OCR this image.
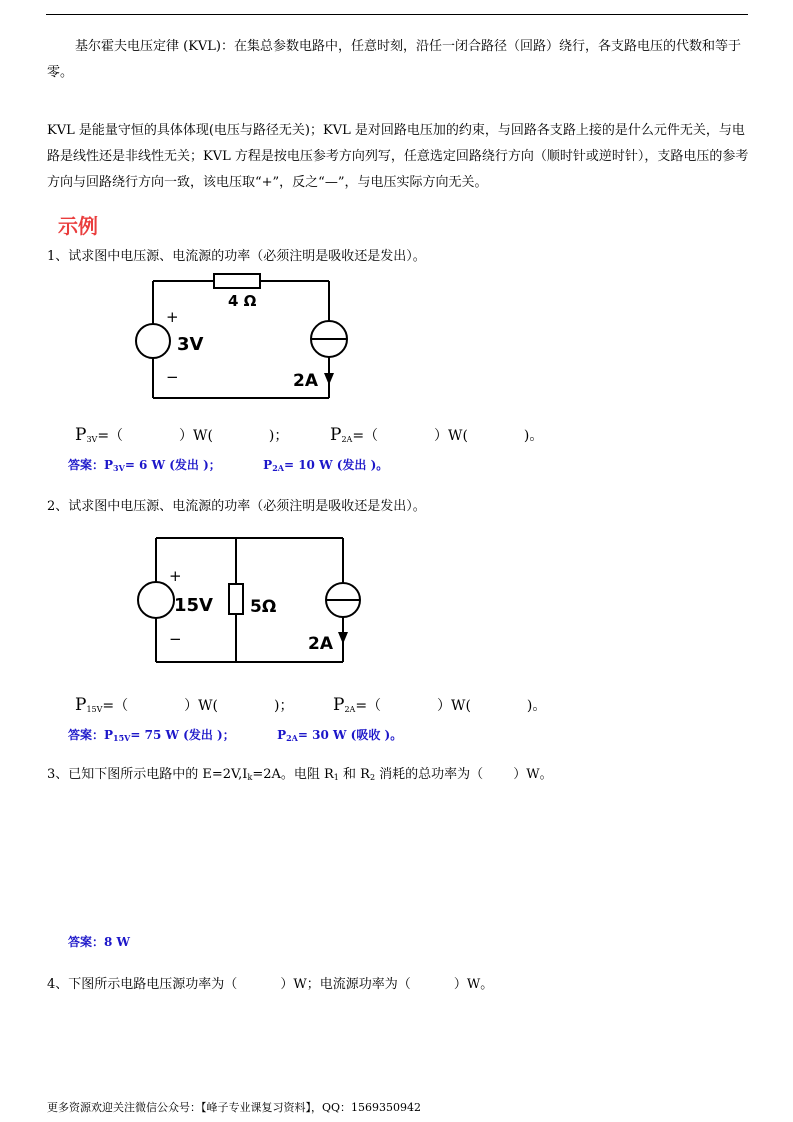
基尔霍夫电压定律 (KVL)：在集总参数电路中，任意时刻，沿任一闭合路径（回路）绕行，各支路电压的代数和等于零。

KVL 是能量守恒的具体体现(电压与路径无关)；KVL 是对回路电压加的约束，与回路各支路上接的是什么元件无关，与电路是线性还是非线性无关；KVL 方程是按电压参考方向列写，任意选定回路绕行方向（顺时针或逆时针），支路电压的参考方向与回路绕行方向一致，该电压取“+”，反之“—”，与电压实际方向无关。

示例
1、试求图中电压源、电流源的功率（必须注明是吸收还是发出）。
4 Ω
3V
2A
+
−
$P_{3V}=$（　　　　）W(　　　　)； $P_{2A}=$（　　　　）W(　　　　)。
答案：$P_{3V}= 6$ W (发出 )；	$P_{2A}= 10$ W (发出 )。
2、试求图中电压源、电流源的功率（必须注明是吸收还是发出）。
15V 5Ω
2A
+
−
$P_{15V}=$（　　　　）W(　　　　)； $P_{2A}=$（　　　　）W(　　　　)。
答案：$P_{15V}= 75$ W (发出 )；	$P_{2A}= 30$ W (吸收 )。
3、已知下图所示电路中的 $E=2V,I_k=2A$。电阻 $R_1$ 和 $R_2$ 消耗的总功率为（　　 ）W。
答案：8 W
4、下图所示电路电压源功率为（　　　 ）W；电流源功率为（　　　 ）W。
更多资源欢迎关注微信公众号：【峰子专业课复习资料】，QQ：1569350942
